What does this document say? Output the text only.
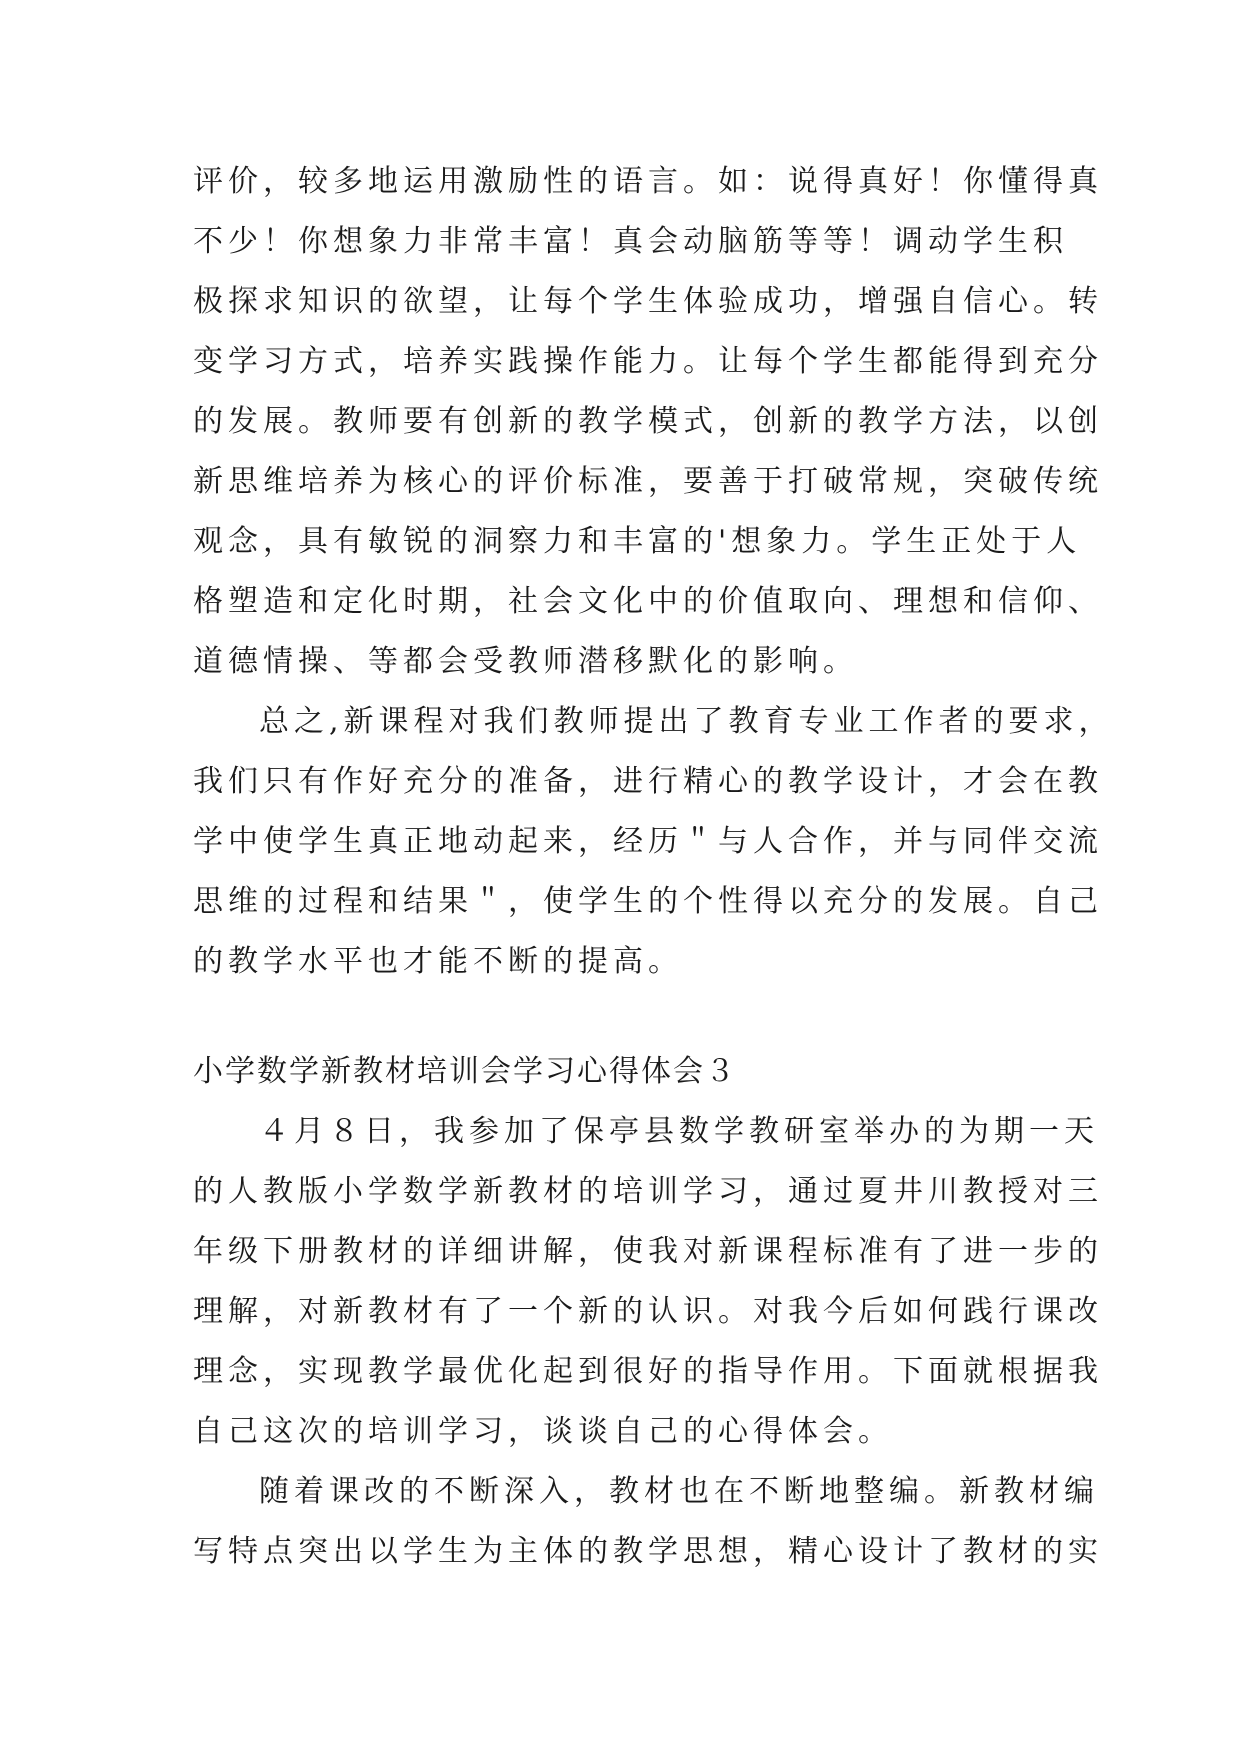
评价，较多地运用激励性的语言。如：说得真好！你懂得真
不少！你想象力非常丰富！真会动脑筋等等！调动学生积
极探求知识的欲望，让每个学生体验成功，增强自信心。转
变学习方式，培养实践操作能力。让每个学生都能得到充分
的发展。教师要有创新的教学模式，创新的教学方法，以创
新思维培养为核心的评价标准，要善于打破常规，突破传统
观念，具有敏锐的洞察力和丰富的'想象力。学生正处于人
格塑造和定化时期，社会文化中的价值取向、理想和信仰、
道德情操、等都会受教师潜移默化的影响。
总之,新课程对我们教师提出了教育专业工作者的要求，
我们只有作好充分的准备，进行精心的教学设计，才会在教
学中使学生真正地动起来，经历＂与人合作，并与同伴交流
思维的过程和结果＂，使学生的个性得以充分的发展。自己
的教学水平也才能不断的提高。
小学数学新教材培训会学习心得体会３
４月８日，我参加了保亭县数学教研室举办的为期一天
的人教版小学数学新教材的培训学习，通过夏井川教授对三
年级下册教材的详细讲解，使我对新课程标准有了进一步的
理解，对新教材有了一个新的认识。对我今后如何践行课改
理念，实现教学最优化起到很好的指导作用。下面就根据我
自己这次的培训学习，谈谈自己的心得体会。
随着课改的不断深入，教材也在不断地整编。新教材编
写特点突出以学生为主体的教学思想，精心设计了教材的实
